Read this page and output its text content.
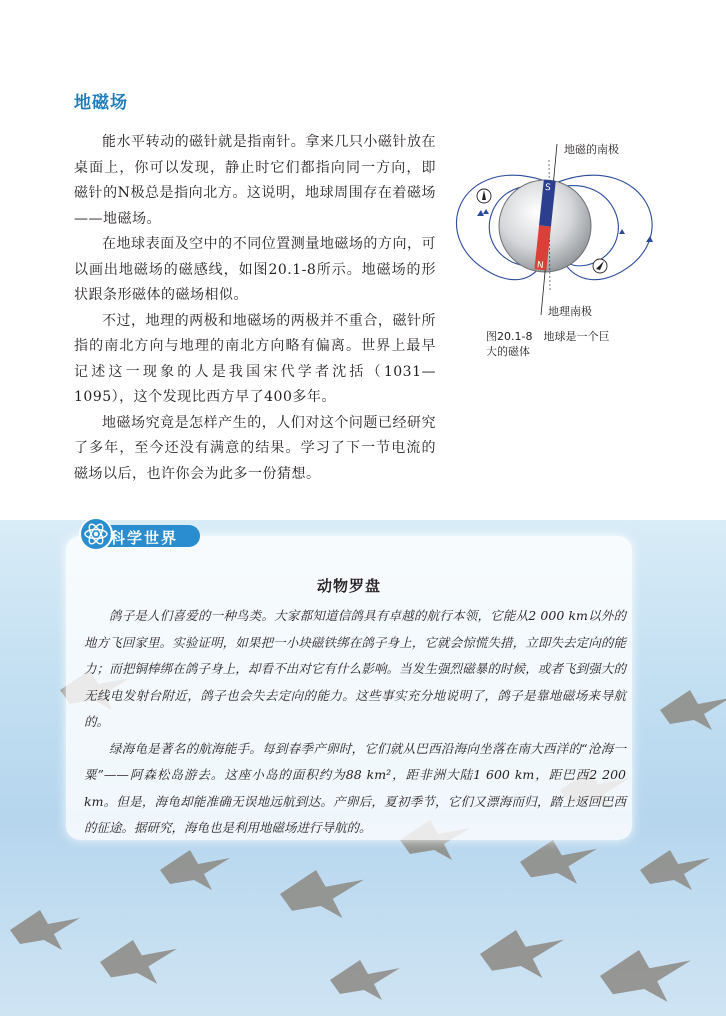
地磁场

能水平转动的磁针就是指南针。拿来几只小磁针放在桌面上，你可以发现，静止时它们都指向同一方向，即磁针的N极总是指向北方。这说明，地球周围存在着磁场——地磁场。

在地球表面及空中的不同位置测量地磁场的方向，可以画出地磁场的磁感线，如图20.1-8所示。地磁场的形状跟条形磁体的磁场相似。

不过，地理的两极和地磁场的两极并不重合，磁针所指的南北方向与地理的南北方向略有偏离。世界上最早记述这一现象的人是我国宋代学者沈括（1031—1095），这个发现比西方早了400多年。

地磁场究竟是怎样产生的，人们对这个问题已经研究了多年，至今还没有满意的结果。学习了下一节电流的磁场以后，也许你会为此多一份猜想。

S
N
地磁的南极
地理南极
图20.1-8　地球是一个巨大的磁体
科学世界
动物罗盘

鸽子是人们喜爱的一种鸟类。大家都知道信鸽具有卓越的航行本领，它能从2 000 km以外的地方飞回家里。实验证明，如果把一小块磁铁绑在鸽子身上，它就会惊慌失措，立即失去定向的能力；而把铜棒绑在鸽子身上，却看不出对它有什么影响。当发生强烈磁暴的时候，或者飞到强大的无线电发射台附近，鸽子也会失去定向的能力。这些事实充分地说明了，鸽子是靠地磁场来导航的。

绿海龟是著名的航海能手。每到春季产卵时，它们就从巴西沿海向坐落在南大西洋的“沧海一粟”——阿森松岛游去。这座小岛的面积约为88 km²，距非洲大陆1 600 km，距巴西2 200 km。但是，海龟却能准确无误地远航到达。产卵后，夏初季节，它们又漂海而归，踏上返回巴西的征途。据研究，海龟也是利用地磁场进行导航的。
